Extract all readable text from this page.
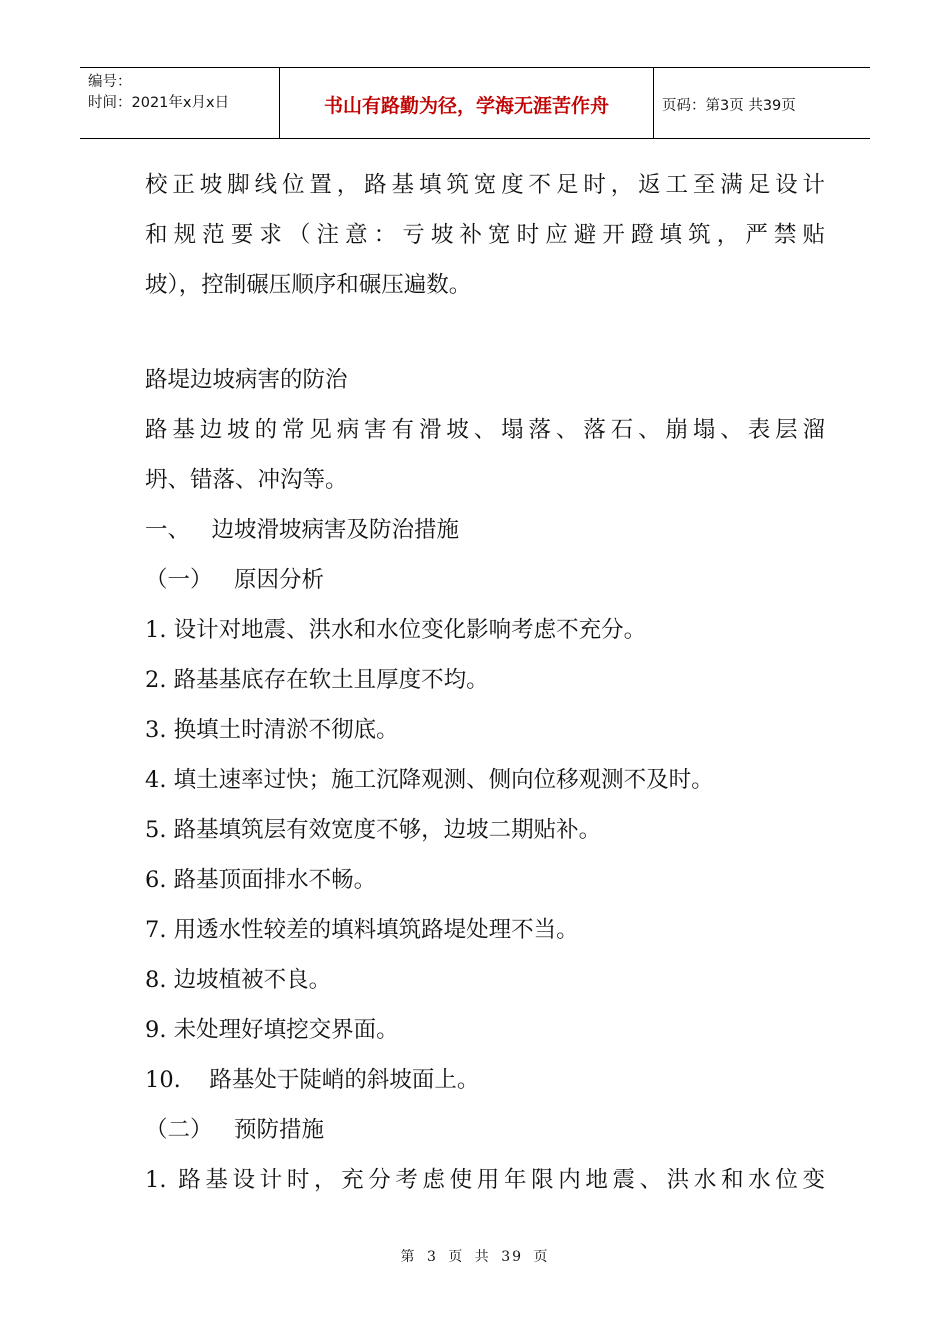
编号：
时间：2021年x月x日	书山有路勤为径，学海无涯苦作舟	页码：第3页 共39页
校正坡脚线位置，路基填筑宽度不足时，返工至满足设计
和规范要求（注意：亏坡补宽时应避开蹬填筑，严禁贴
坡），控制碾压顺序和碾压遍数。
路堤边坡病害的防治
路基边坡的常见病害有滑坡、塌落、落石、崩塌、表层溜
坍、错落、冲沟等。
一、   边坡滑坡病害及防治措施
（一）   原因分析
1. 设计对地震、洪水和水位变化影响考虑不充分。
2. 路基基底存在软土且厚度不均。
3. 换填土时清淤不彻底。
4. 填土速率过快；施工沉降观测、侧向位移观测不及时。
5. 路基填筑层有效宽度不够，边坡二期贴补。
6. 路基顶面排水不畅。
7. 用透水性较差的填料填筑路堤处理不当。
8. 边坡植被不良。
9. 未处理好填挖交界面。
10.    路基处于陡峭的斜坡面上。
（二）   预防措施
1. 路基设计时，充分考虑使用年限内地震、洪水和水位变
第 3 页 共 39 页
